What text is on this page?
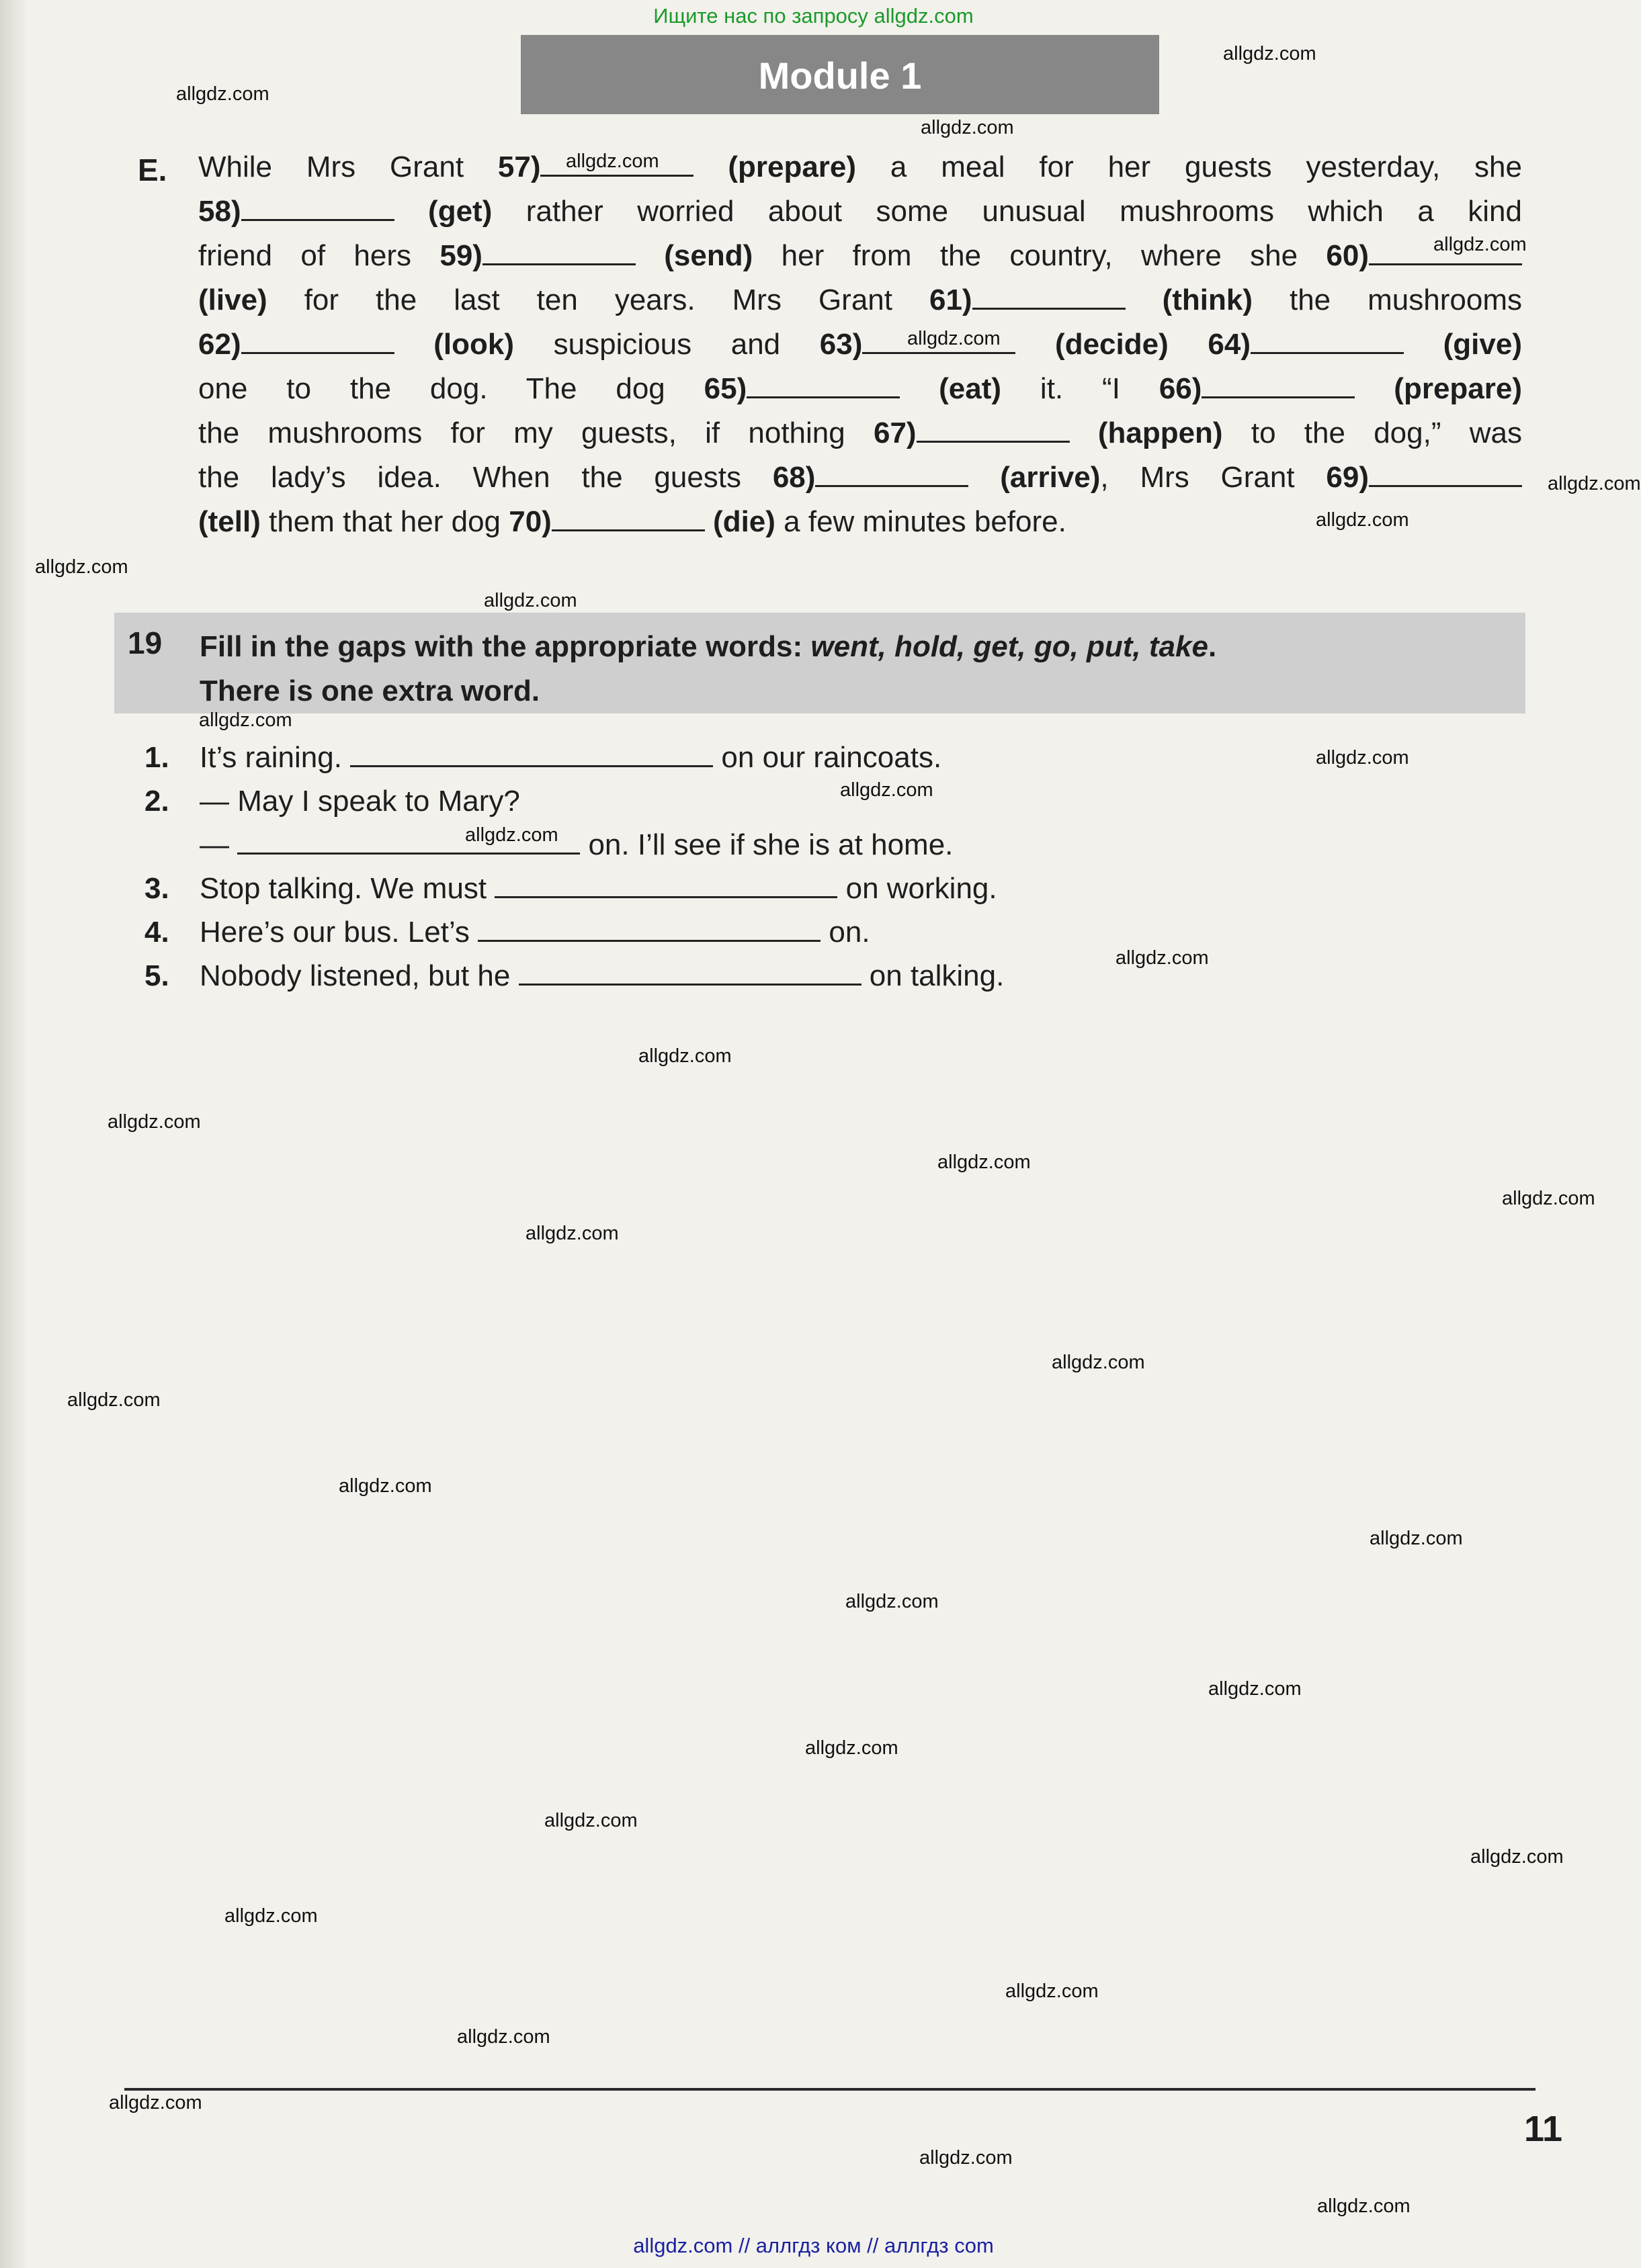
Ищите нас по запросу allgdz.com
Module 1
E. While Mrs Grant 57)	(prepare) a meal for her guests yesterday, she
58)	(get) rather worried about some unusual mushrooms which a kind
friend of hers 59)	(send) her from the country, where she 60)
(live) for the last ten years. Mrs Grant 61)	(think) the mushrooms
62)	(look) suspicious and 63)	(decide) 64)	(give)
one to the dog. The dog 65)	(eat) it. “I 66)	(prepare)
the mushrooms for my guests, if nothing 67)	(happen) to the dog,” was
the lady’s idea. When the guests 68)	(arrive), Mrs Grant 69)
(tell) them that her dog 70)	(die) a few minutes before.
19 Fill in the gaps with the appropriate words: went, hold, get, go, put, take.
There is one extra word.
1. It’s raining.	on our raincoats.
2. — May I speak to Mary?
—	on. I’ll see if she is at home.
3. Stop talking. We must	on working.
4. Here’s our bus. Let’s	on.
5. Nobody listened, but he	on talking.
allgdz.com
allgdz.com
allgdz.com
allgdz.com
allgdz.com
allgdz.com
allgdz.com
allgdz.com
allgdz.com
allgdz.com
allgdz.com
allgdz.com
allgdz.com
allgdz.com
allgdz.com
allgdz.com
allgdz.com
allgdz.com
allgdz.com
allgdz.com
allgdz.com
allgdz.com
allgdz.com
allgdz.com
allgdz.com
allgdz.com
allgdz.com
allgdz.com
allgdz.com
allgdz.com
allgdz.com
allgdz.com
allgdz.com
allgdz.com
allgdz.com
11
allgdz.com // аллгдз ком // аллгдз com
